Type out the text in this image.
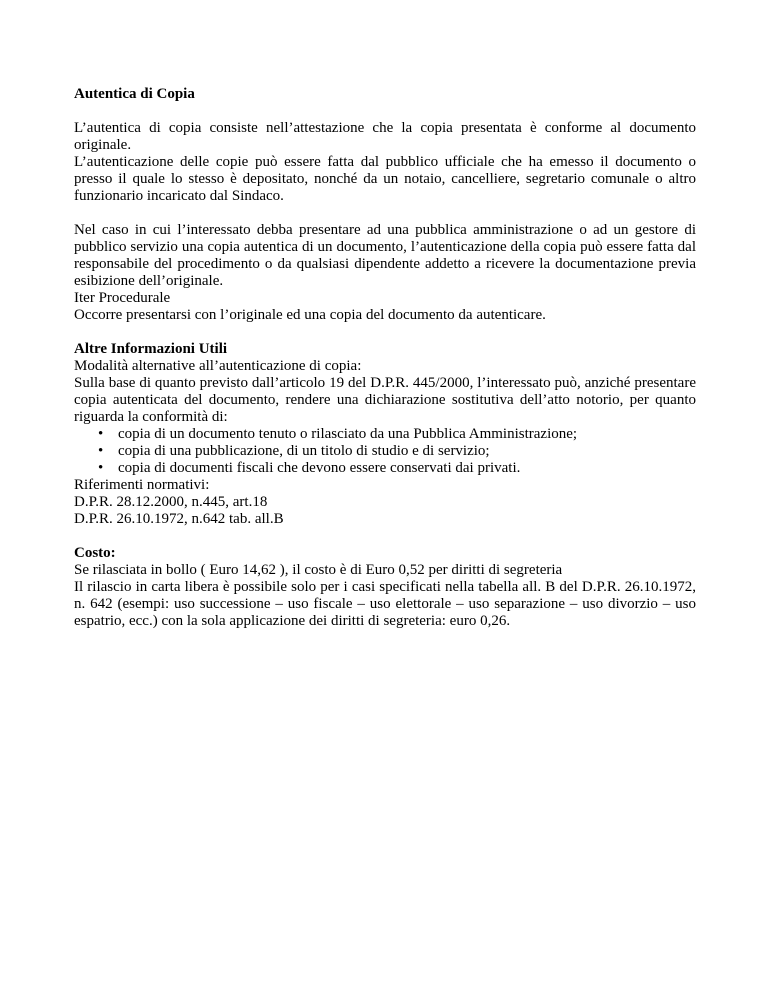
Autentica di Copia

L’autentica di copia consiste nell’attestazione che la copia presentata è conforme al documento originale.

L’autenticazione delle copie può essere fatta dal pubblico ufficiale che ha emesso il documento o presso il quale lo stesso è depositato, nonché da un notaio, cancelliere, segretario comunale o altro funzionario incaricato dal Sindaco.

Nel caso in cui l’interessato debba presentare ad una pubblica amministrazione o ad un gestore di pubblico servizio una copia autentica di un documento, l’autenticazione della copia può essere fatta dal responsabile del procedimento o da qualsiasi dipendente addetto a ricevere la documentazione previa esibizione dell’originale.

Iter Procedurale

Occorre presentarsi con l’originale ed una copia del documento da autenticare.

Altre Informazioni Utili

Modalità alternative all’autenticazione di copia:

Sulla base di quanto previsto dall’articolo 19 del D.P.R. 445/2000, l’interessato può, anziché presentare copia autenticata del documento, rendere una dichiarazione sostitutiva dell’atto notorio, per quanto riguarda la conformità di:

• copia di un documento tenuto o rilasciato da una Pubblica Amministrazione;
• copia di una pubblicazione, di un titolo di studio e di servizio;
• copia di documenti fiscali che devono essere conservati dai privati.

Riferimenti normativi:

D.P.R. 28.12.2000, n.445, art.18

D.P.R. 26.10.1972, n.642 tab. all.B

Costo:

Se rilasciata in bollo ( Euro 14,62 ), il costo è di Euro 0,52 per diritti di segreteria

Il rilascio in carta libera è possibile solo per i casi specificati nella tabella all. B del D.P.R. 26.10.1972, n. 642 (esempi: uso successione – uso fiscale – uso elettorale – uso separazione – uso divorzio – uso espatrio, ecc.) con la sola applicazione dei diritti di segreteria: euro 0,26.
